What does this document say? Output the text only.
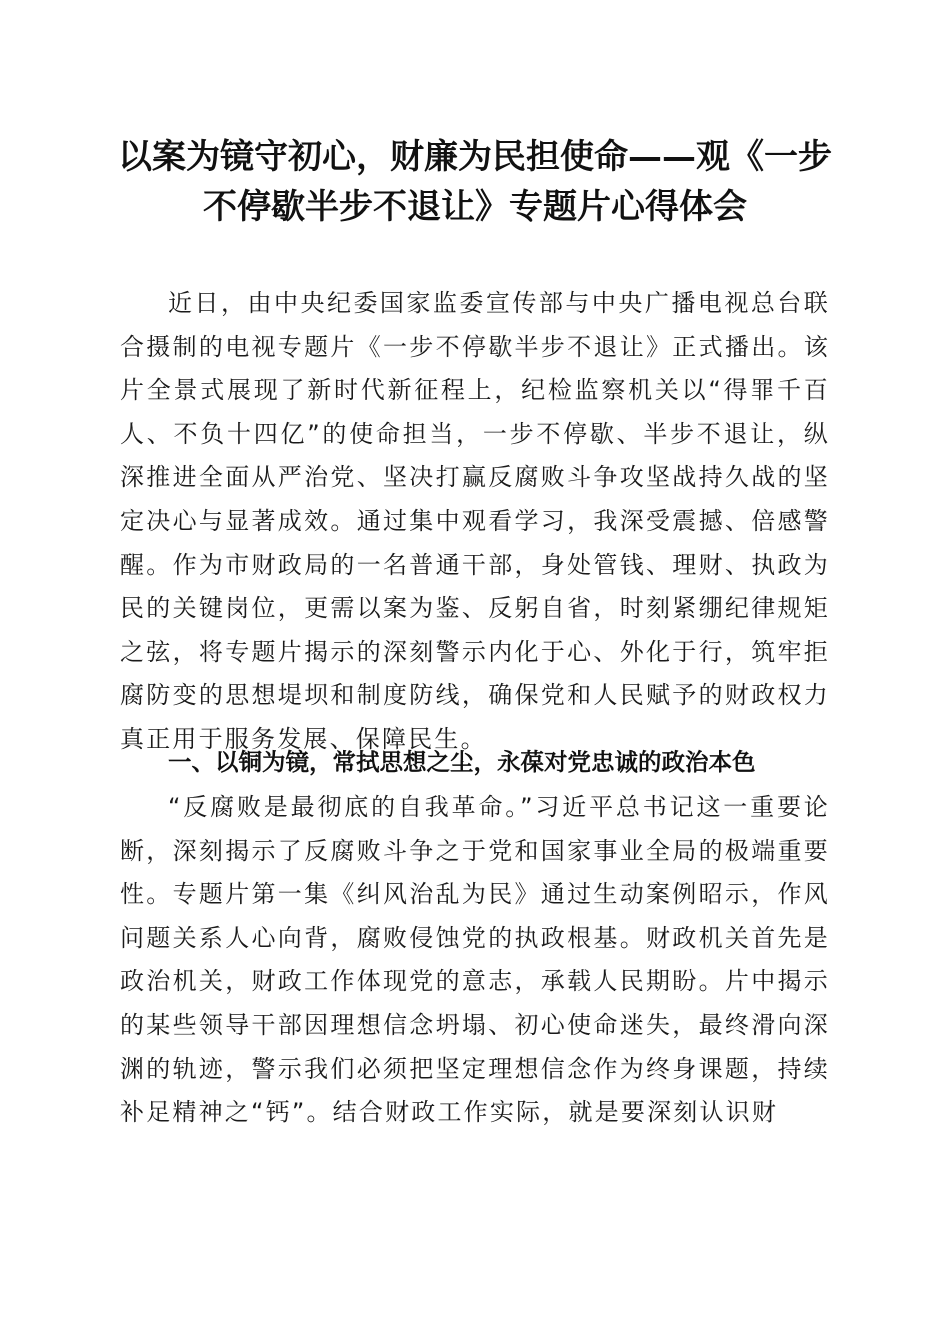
以案为镜守初心，财廉为民担使命——观《一步不停歇半步不退让》专题片心得体会

近日，由中央纪委国家监委宣传部与中央广播电视总台联合摄制的电视专题片《一步不停歇半步不退让》正式播出。该片全景式展现了新时代新征程上，纪检监察机关以“得罪千百人、不负十四亿”的使命担当，一步不停歇、半步不退让，纵深推进全面从严治党、坚决打赢反腐败斗争攻坚战持久战的坚定决心与显著成效。通过集中观看学习，我深受震撼、倍感警醒。作为市财政局的一名普通干部，身处管钱、理财、执政为民的关键岗位，更需以案为鉴、反躬自省，时刻紧绷纪律规矩之弦，将专题片揭示的深刻警示内化于心、外化于行，筑牢拒腐防变的思想堤坝和制度防线，确保党和人民赋予的财政权力真正用于服务发展、保障民生。

一、以铜为镜，常拭思想之尘，永葆对党忠诚的政治本色

“反腐败是最彻底的自我革命。”习近平总书记这一重要论断，深刻揭示了反腐败斗争之于党和国家事业全局的极端重要性。专题片第一集《纠风治乱为民》通过生动案例昭示，作风问题关系人心向背，腐败侵蚀党的执政根基。财政机关首先是政治机关，财政工作体现党的意志，承载人民期盼。片中揭示的某些领导干部因理想信念坍塌、初心使命迷失，最终滑向深渊的轨迹，警示我们必须把坚定理想信念作为终身课题，持续补足精神之“钙”。结合财政工作实际，就是要深刻认识财
